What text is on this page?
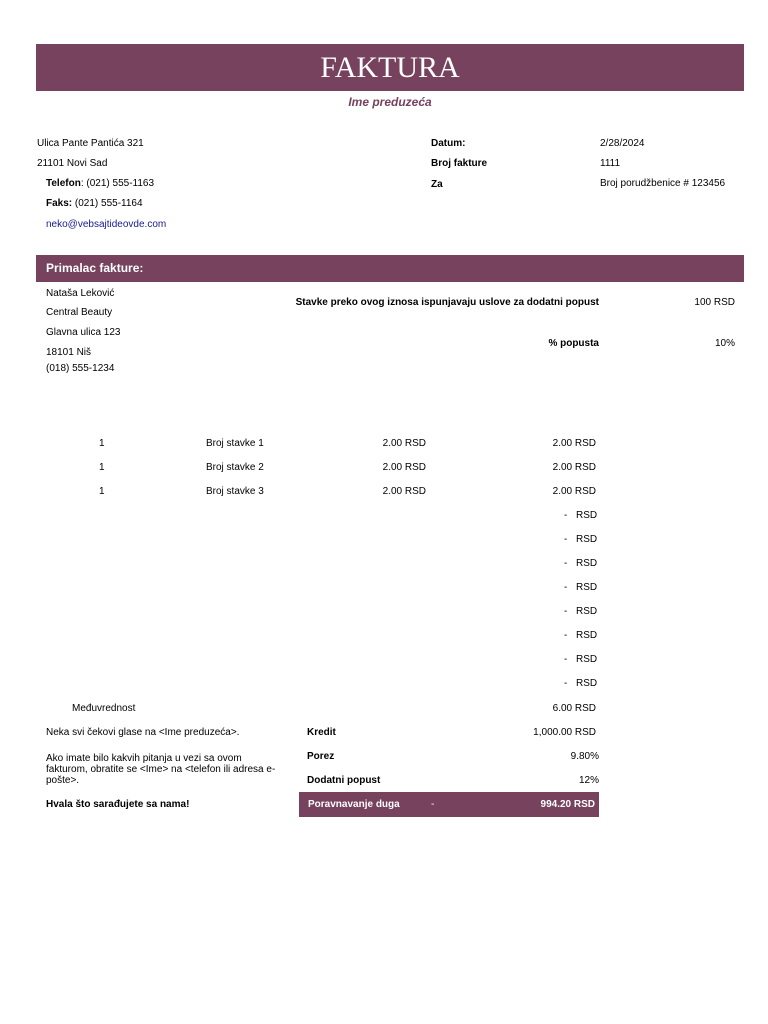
FAKTURA
Ime preduzeća
Ulica Pante Pantića 321
21101 Novi Sad
Telefon: (021) 555-1163
Faks: (021) 555-1164
neko@vebsajtideovde.com
Datum:	2/28/2024
Broj fakture	1111
Za	Broj porudžbenice # 123456
Primalac fakture:
Nataša Leković
Central Beauty
Glavna ulica 123
18101 Niš
(018) 555-1234
Stavke preko ovog iznosa ispunjavaju uslove za dodatni popust	100 RSD
% popusta	10%
1	Broj stavke 1	2.00 RSD	2.00 RSD
1	Broj stavke 2	2.00 RSD	2.00 RSD
1	Broj stavke 3	2.00 RSD	2.00 RSD
- RSD
- RSD
- RSD
- RSD
- RSD
- RSD
- RSD
- RSD
Međuvrednost	6.00 RSD
Neka svi čekovi glase na <Ime preduzeća>.	Kredit	1,000.00 RSD
Ako imate bilo kakvih pitanja u vezi sa ovom fakturom, obratite se <Ime> na <telefon ili adresa e-pošte>.
Porez	9.80%
Dodatni popust	12%
Hvala što sarađujete sa nama!	Poravnavanje duga	-	994.20 RSD
